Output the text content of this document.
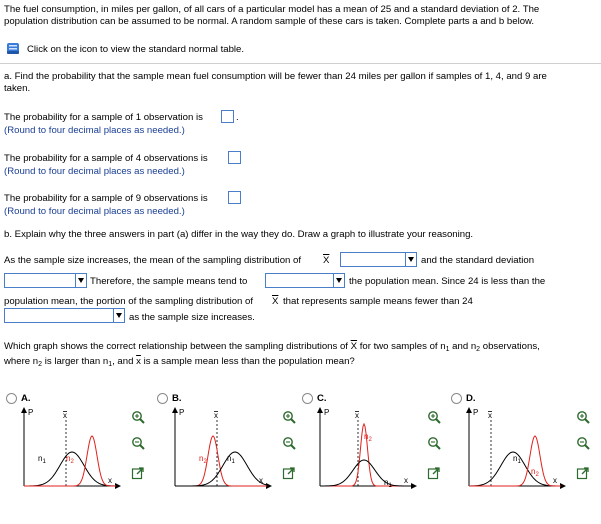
The fuel consumption, in miles per gallon, of all cars of a particular model has a mean of 25 and a standard deviation of 2. The
population distribution can be assumed to be normal. A random sample of these cars is taken. Complete parts a and b below.
Click on the icon to view the standard normal table.
a. Find the probability that the sample mean fuel consumption will be fewer than 24 miles per gallon if samples of 1, 4, and 9 are
taken.
The probability for a sample of 1 observation is	.
(Round to four decimal places as needed.)
The probability for a sample of 4 observations is
(Round to four decimal places as needed.)
The probability for a sample of 9 observations is
(Round to four decimal places as needed.)
b. Explain why the three answers in part (a) differ in the way they do. Draw a graph to illustrate your reasoning.
As the sample size increases, the mean of the sampling distribution of $\overline{X}$	and the standard deviation
Therefore, the sample means tend to	the population mean. Since 24 is less than the
population mean, the portion of the sampling distribution of $\overline{X}$ that represents sample means fewer than 24
as the sample size increases.
Which graph shows the correct relationship between the sampling distributions of $\overline{X}$ for two samples of $n_1$ and $n_2$ observations,
where $n_2$ is larger than $n_1$, and $\overline{x}$ is a sample mean less than the population mean?
A.
P
x
x
$n_1$	$n_2$
B.
P
x
x
$n_2$	$n_1$
C.
P
x
x
$n_2$
$n_1$
D.
P
x
x
$n_1$
$n_2$
